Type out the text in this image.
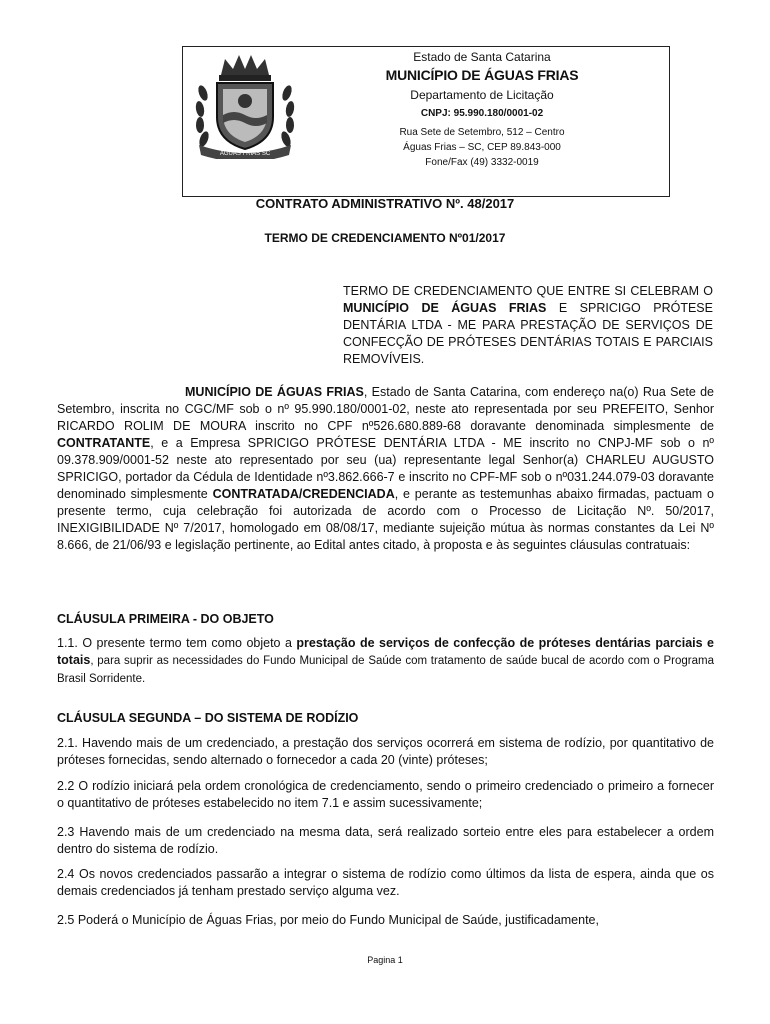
ÁGUAS FRIAS SC
Estado de Santa Catarina
MUNICÍPIO DE ÁGUAS FRIAS
Departamento de Licitação
CNPJ: 95.990.180/0001-02
Rua Sete de Setembro, 512 – Centro
Águas Frias – SC, CEP 89.843-000
Fone/Fax (49) 3332-0019
CONTRATO ADMINISTRATIVO Nº. 48/2017
TERMO DE CREDENCIAMENTO Nº01/2017
TERMO DE CREDENCIAMENTO QUE ENTRE SI CELEBRAM O MUNICÍPIO DE ÁGUAS FRIAS E SPRICIGO PRÓTESE DENTÁRIA LTDA - ME PARA PRESTAÇÃO DE SERVIÇOS DE CONFECÇÃO DE PRÓTESES DENTÁRIAS TOTAIS E PARCIAIS REMOVÍVEIS.
MUNICÍPIO DE ÁGUAS FRIAS, Estado de Santa Catarina, com endereço na(o) Rua Sete de Setembro, inscrita no CGC/MF sob o nº 95.990.180/0001-02, neste ato representada por seu PREFEITO, Senhor RICARDO ROLIM DE MOURA inscrito no CPF nº526.680.889-68 doravante denominada simplesmente de CONTRATANTE, e a Empresa SPRICIGO PRÓTESE DENTÁRIA LTDA - ME inscrito no CNPJ-MF sob o nº 09.378.909/0001-52 neste ato representado por seu (ua) representante legal Senhor(a) CHARLEU AUGUSTO SPRICIGO, portador da Cédula de Identidade nº3.862.666-7 e inscrito no CPF-MF sob o nº031.244.079-03 doravante denominado simplesmente CONTRATADA/CREDENCIADA, e perante as testemunhas abaixo firmadas, pactuam o presente termo, cuja celebração foi autorizada de acordo com o Processo de Licitação Nº. 50/2017, INEXIGIBILIDADE Nº 7/2017, homologado em 08/08/17, mediante sujeição mútua às normas constantes da Lei Nº 8.666, de 21/06/93 e legislação pertinente, ao Edital antes citado, à proposta e às seguintes cláusulas contratuais:
CLÁUSULA PRIMEIRA - DO OBJETO
1.1. O presente termo tem como objeto a prestação de serviços de confecção de próteses dentárias parciais e totais, para suprir as necessidades do Fundo Municipal de Saúde com tratamento de saúde bucal de acordo com o Programa Brasil Sorridente.
CLÁUSULA SEGUNDA – DO SISTEMA DE RODÍZIO
2.1. Havendo mais de um credenciado, a prestação dos serviços ocorrerá em sistema de rodízio, por quantitativo de próteses fornecidas, sendo alternado o fornecedor a cada 20 (vinte) próteses;
2.2 O rodízio iniciará pela ordem cronológica de credenciamento, sendo o primeiro credenciado o primeiro a fornecer o quantitativo de próteses estabelecido no item 7.1 e assim sucessivamente;
2.3 Havendo mais de um credenciado na mesma data, será realizado sorteio entre eles para estabelecer a ordem dentro do sistema de rodízio.
2.4 Os novos credenciados passarão a integrar o sistema de rodízio como últimos da lista de espera, ainda que os demais credenciados já tenham prestado serviço alguma vez.
2.5 Poderá o Município de Águas Frias, por meio do Fundo Municipal de Saúde, justificadamente,
Pagina 1
